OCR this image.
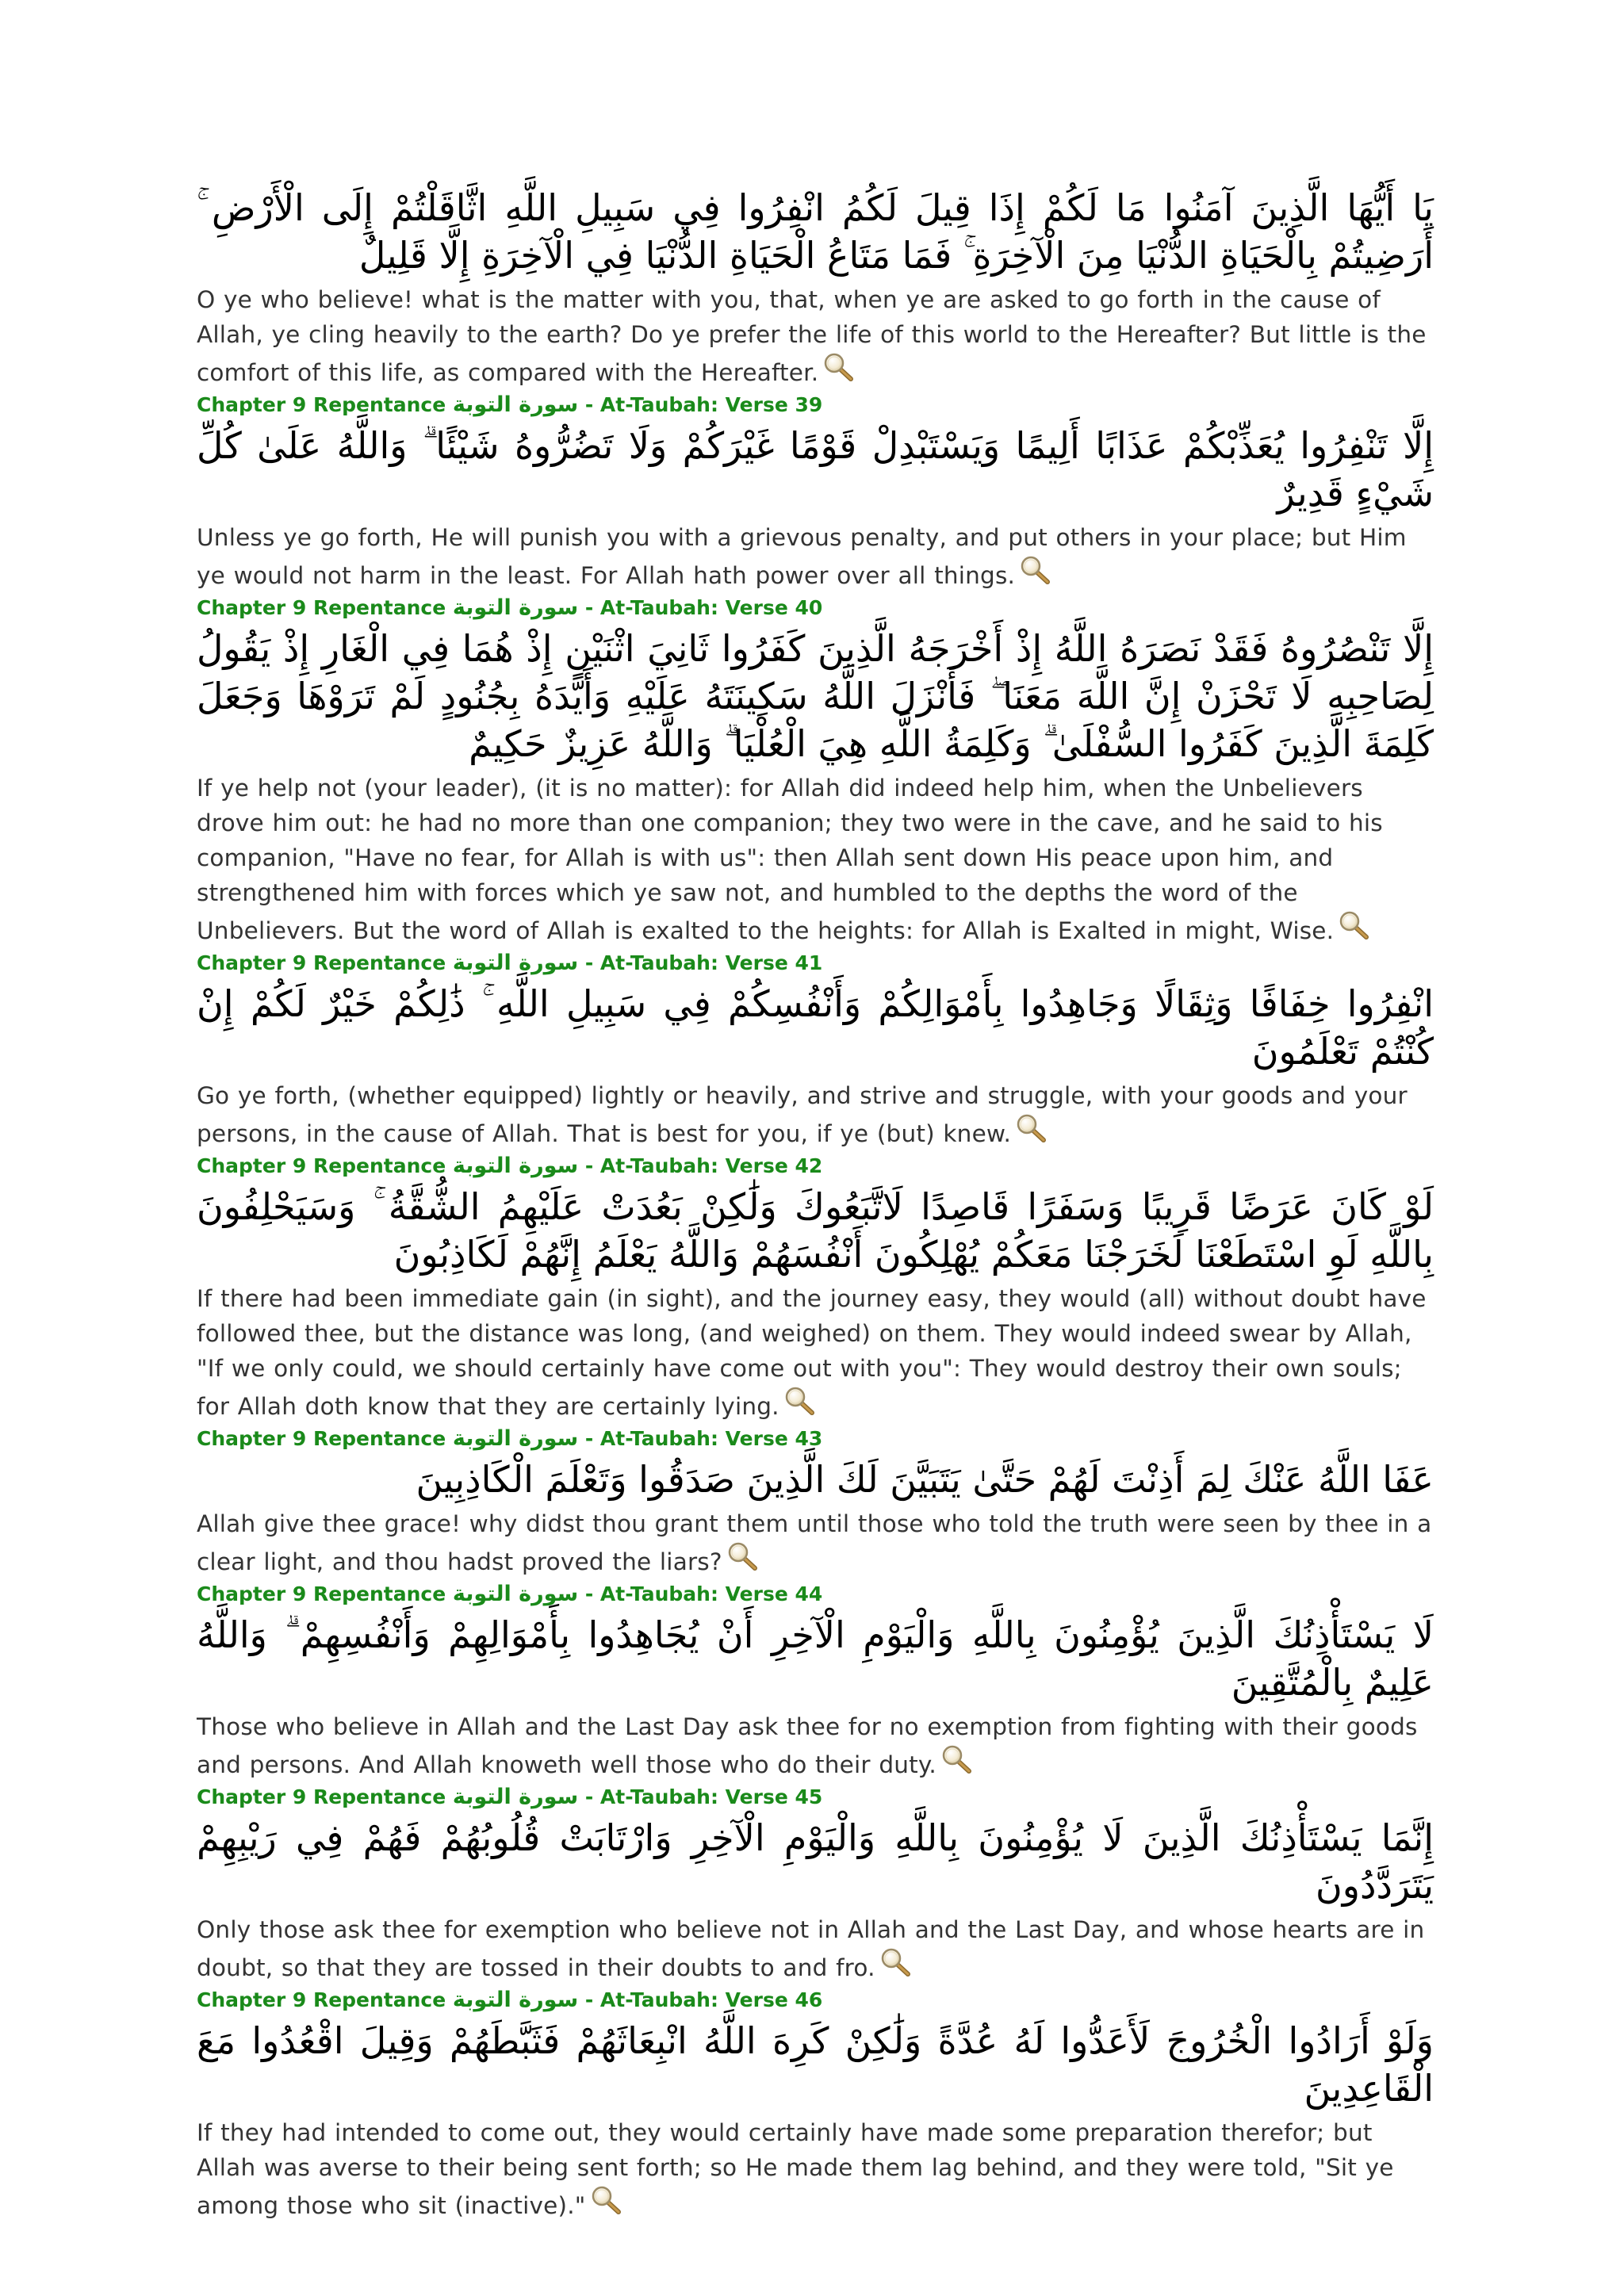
يَا أَيُّهَا الَّذِينَ آمَنُوا مَا لَكُمْ إِذَا قِيلَ لَكُمُ انْفِرُوا فِي سَبِيلِ اللَّهِ اثَّاقَلْتُمْ إِلَى الْأَرْضِ ۚ أَرَضِيتُمْ بِالْحَيَاةِ الدُّنْيَا مِنَ الْآخِرَةِ ۚ فَمَا مَتَاعُ الْحَيَاةِ الدُّنْيَا فِي الْآخِرَةِ إِلَّا قَلِيلٌ

O ye who believe! what is the matter with you, that, when ye are asked to go forth in the cause of Allah, ye cling heavily to the earth? Do ye prefer the life of this world to the Hereafter? But little is the comfort of this life, as compared with the Hereafter.

Chapter 9 Repentance سورة التوبة - At-Taubah: Verse 39
إِلَّا تَنْفِرُوا يُعَذِّبْكُمْ عَذَابًا أَلِيمًا وَيَسْتَبْدِلْ قَوْمًا غَيْرَكُمْ وَلَا تَضُرُّوهُ شَيْئًا ۗ وَاللَّهُ عَلَىٰ كُلِّ شَيْءٍ قَدِيرٌ

Unless ye go forth, He will punish you with a grievous penalty, and put others in your place; but Him ye would not harm in the least. For Allah hath power over all things.

Chapter 9 Repentance سورة التوبة - At-Taubah: Verse 40
إِلَّا تَنْصُرُوهُ فَقَدْ نَصَرَهُ اللَّهُ إِذْ أَخْرَجَهُ الَّذِينَ كَفَرُوا ثَانِيَ اثْنَيْنِ إِذْ هُمَا فِي الْغَارِ إِذْ يَقُولُ لِصَاحِبِهِ لَا تَحْزَنْ إِنَّ اللَّهَ مَعَنَا ۖ فَأَنْزَلَ اللَّهُ سَكِينَتَهُ عَلَيْهِ وَأَيَّدَهُ بِجُنُودٍ لَمْ تَرَوْهَا وَجَعَلَ كَلِمَةَ الَّذِينَ كَفَرُوا السُّفْلَىٰ ۗ وَكَلِمَةُ اللَّهِ هِيَ الْعُلْيَا ۗ وَاللَّهُ عَزِيزٌ حَكِيمٌ

If ye help not (your leader), (it is no matter): for Allah did indeed help him, when the Unbelievers drove him out: he had no more than one companion; they two were in the cave, and he said to his companion, "Have no fear, for Allah is with us": then Allah sent down His peace upon him, and strengthened him with forces which ye saw not, and humbled to the depths the word of the Unbelievers. But the word of Allah is exalted to the heights: for Allah is Exalted in might, Wise.

Chapter 9 Repentance سورة التوبة - At-Taubah: Verse 41
انْفِرُوا خِفَافًا وَثِقَالًا وَجَاهِدُوا بِأَمْوَالِكُمْ وَأَنْفُسِكُمْ فِي سَبِيلِ اللَّهِ ۚ ذَٰلِكُمْ خَيْرٌ لَكُمْ إِنْ كُنْتُمْ تَعْلَمُونَ

Go ye forth, (whether equipped) lightly or heavily, and strive and struggle, with your goods and your persons, in the cause of Allah. That is best for you, if ye (but) knew.

Chapter 9 Repentance سورة التوبة - At-Taubah: Verse 42
لَوْ كَانَ عَرَضًا قَرِيبًا وَسَفَرًا قَاصِدًا لَاتَّبَعُوكَ وَلَٰكِنْ بَعُدَتْ عَلَيْهِمُ الشُّقَّةُ ۚ وَسَيَحْلِفُونَ بِاللَّهِ لَوِ اسْتَطَعْنَا لَخَرَجْنَا مَعَكُمْ يُهْلِكُونَ أَنْفُسَهُمْ وَاللَّهُ يَعْلَمُ إِنَّهُمْ لَكَاذِبُونَ

If there had been immediate gain (in sight), and the journey easy, they would (all) without doubt have followed thee, but the distance was long, (and weighed) on them. They would indeed swear by Allah, "If we only could, we should certainly have come out with you": They would destroy their own souls; for Allah doth know that they are certainly lying.

Chapter 9 Repentance سورة التوبة - At-Taubah: Verse 43
عَفَا اللَّهُ عَنْكَ لِمَ أَذِنْتَ لَهُمْ حَتَّىٰ يَتَبَيَّنَ لَكَ الَّذِينَ صَدَقُوا وَتَعْلَمَ الْكَاذِبِينَ

Allah give thee grace! why didst thou grant them until those who told the truth were seen by thee in a clear light, and thou hadst proved the liars?

Chapter 9 Repentance سورة التوبة - At-Taubah: Verse 44
لَا يَسْتَأْذِنُكَ الَّذِينَ يُؤْمِنُونَ بِاللَّهِ وَالْيَوْمِ الْآخِرِ أَنْ يُجَاهِدُوا بِأَمْوَالِهِمْ وَأَنْفُسِهِمْ ۗ وَاللَّهُ عَلِيمٌ بِالْمُتَّقِينَ

Those who believe in Allah and the Last Day ask thee for no exemption from fighting with their goods and persons. And Allah knoweth well those who do their duty.

Chapter 9 Repentance سورة التوبة - At-Taubah: Verse 45
إِنَّمَا يَسْتَأْذِنُكَ الَّذِينَ لَا يُؤْمِنُونَ بِاللَّهِ وَالْيَوْمِ الْآخِرِ وَارْتَابَتْ قُلُوبُهُمْ فَهُمْ فِي رَيْبِهِمْ يَتَرَدَّدُونَ

Only those ask thee for exemption who believe not in Allah and the Last Day, and whose hearts are in doubt, so that they are tossed in their doubts to and fro.

Chapter 9 Repentance سورة التوبة - At-Taubah: Verse 46
وَلَوْ أَرَادُوا الْخُرُوجَ لَأَعَدُّوا لَهُ عُدَّةً وَلَٰكِنْ كَرِهَ اللَّهُ انْبِعَاثَهُمْ فَثَبَّطَهُمْ وَقِيلَ اقْعُدُوا مَعَ الْقَاعِدِينَ

If they had intended to come out, they would certainly have made some preparation therefor; but Allah was averse to their being sent forth; so He made them lag behind, and they were told, "Sit ye among those who sit (inactive)."
